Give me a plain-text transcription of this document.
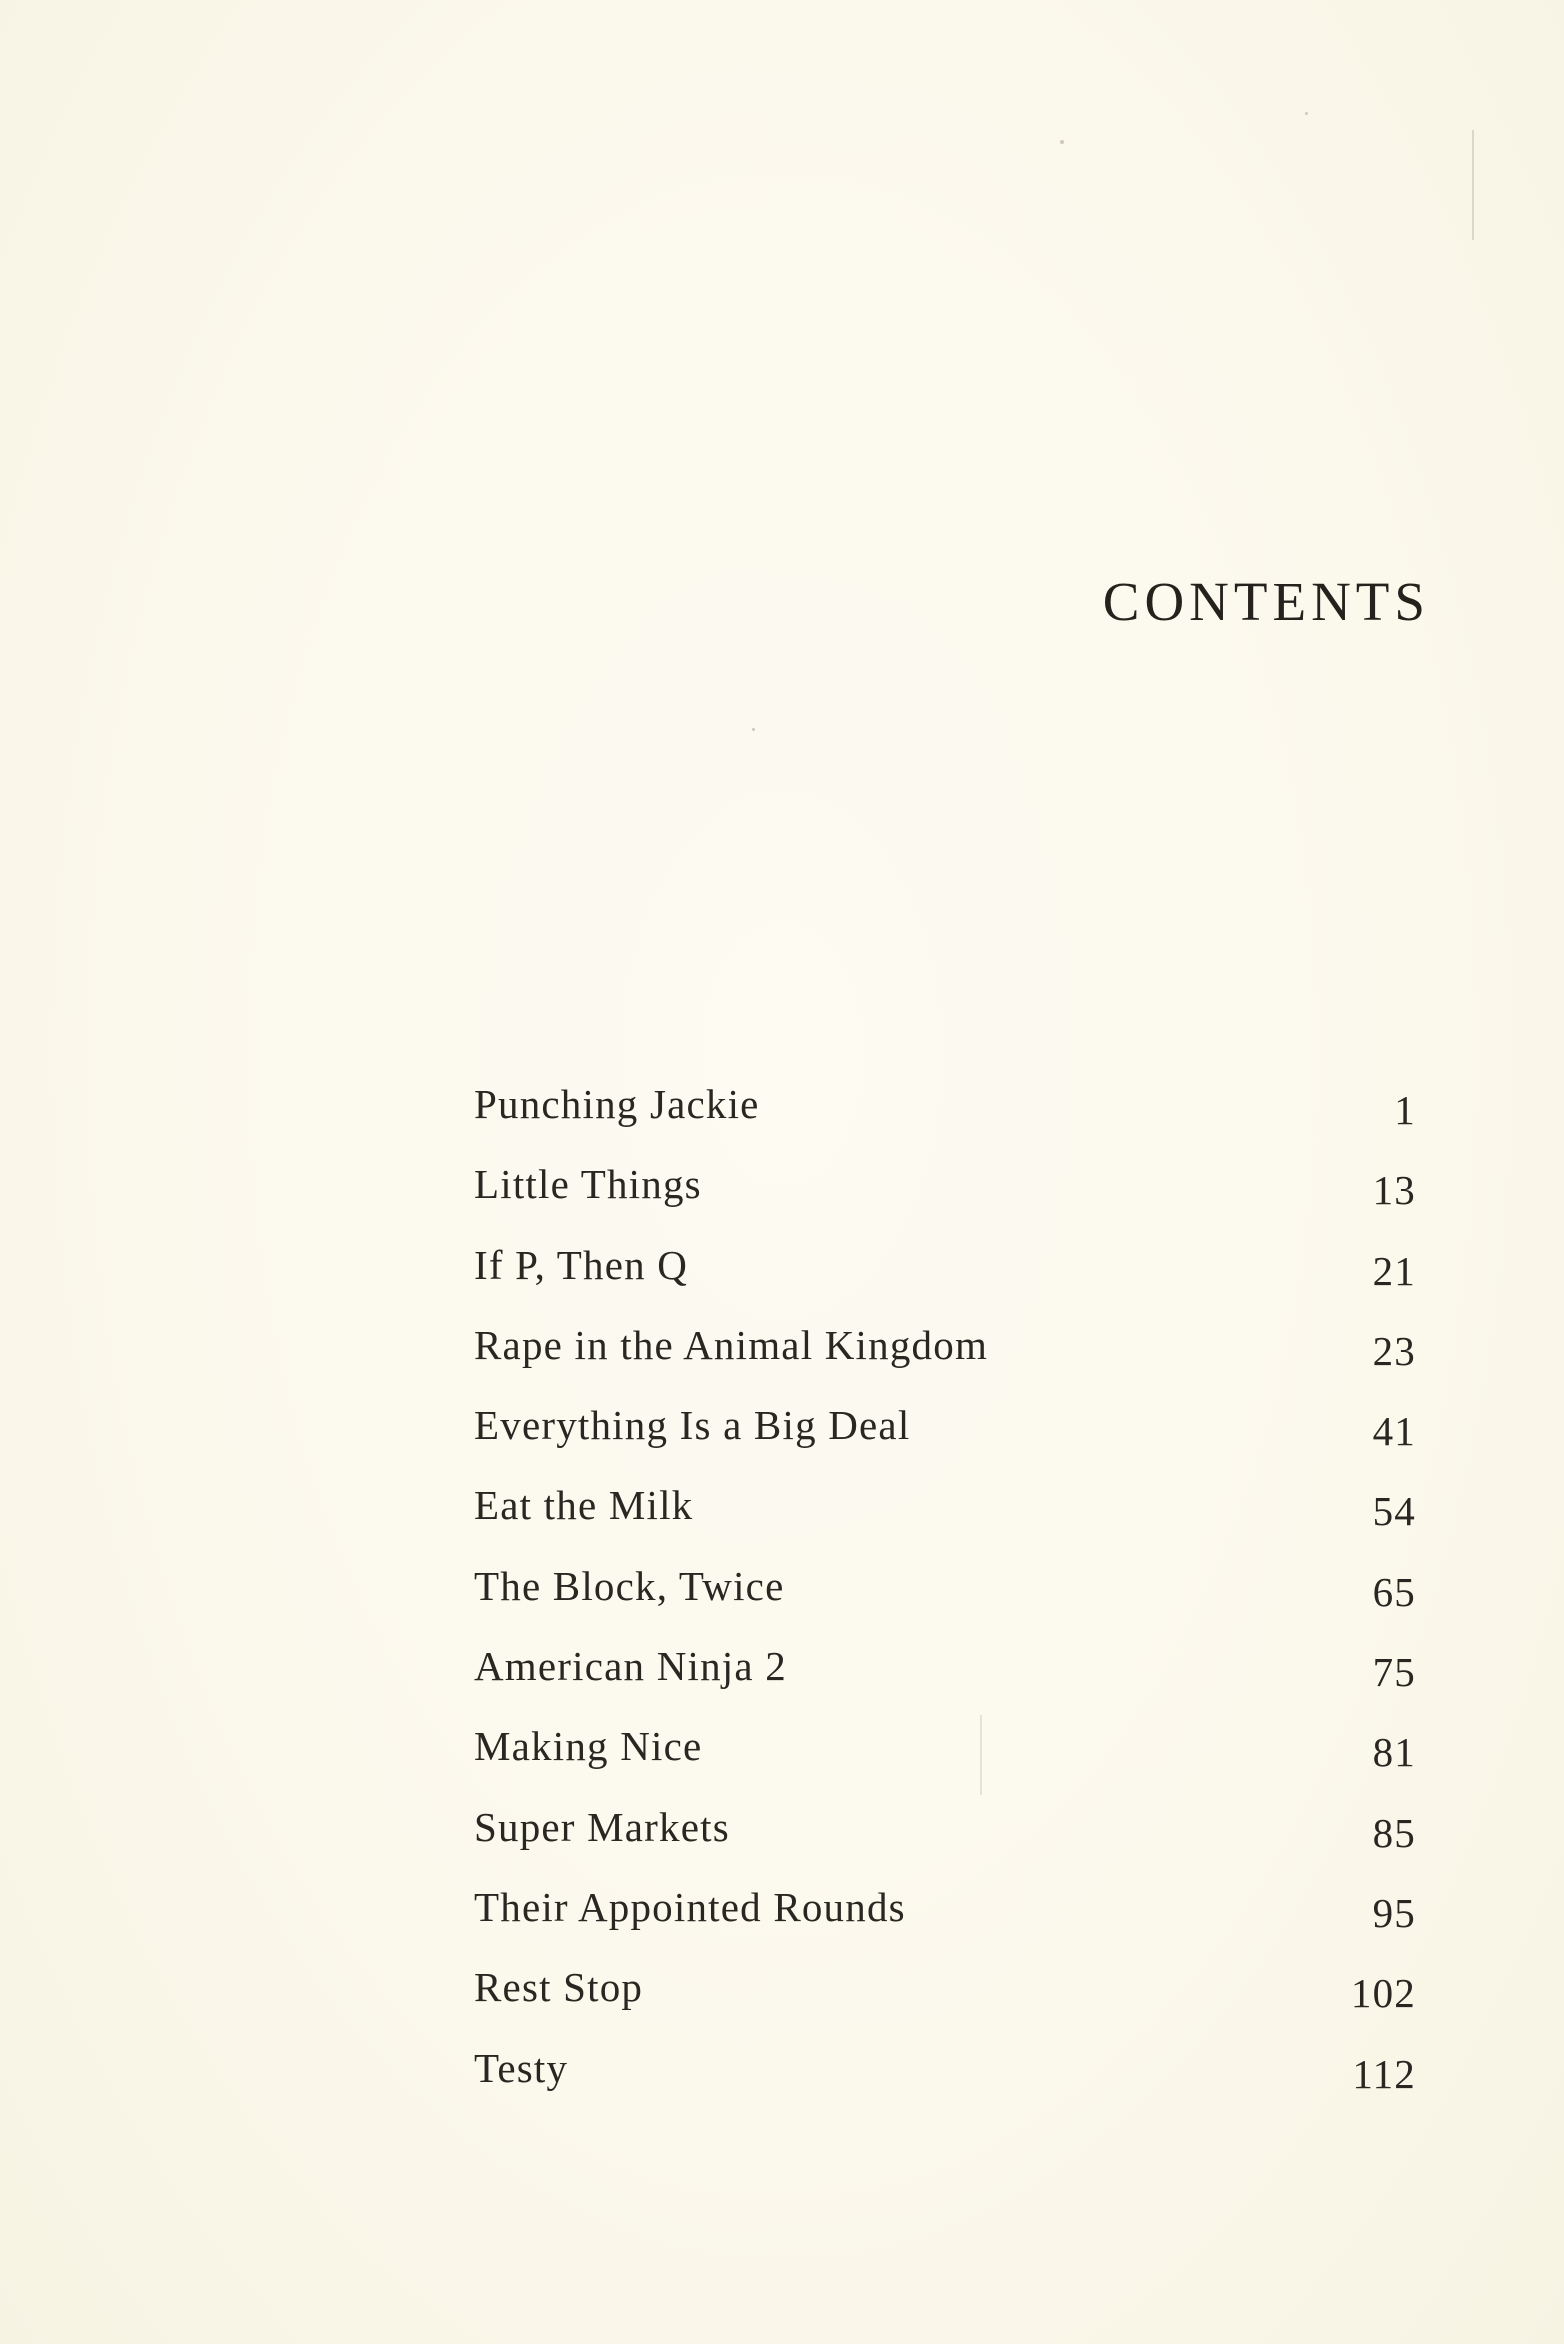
CONTENTS
Punching Jackie	1
Little Things	13
If P, Then Q	21
Rape in the Animal Kingdom	23
Everything Is a Big Deal	41
Eat the Milk	54
The Block, Twice	65
American Ninja 2	75
Making Nice	81
Super Markets	85
Their Appointed Rounds	95
Rest Stop	102
Testy	112
